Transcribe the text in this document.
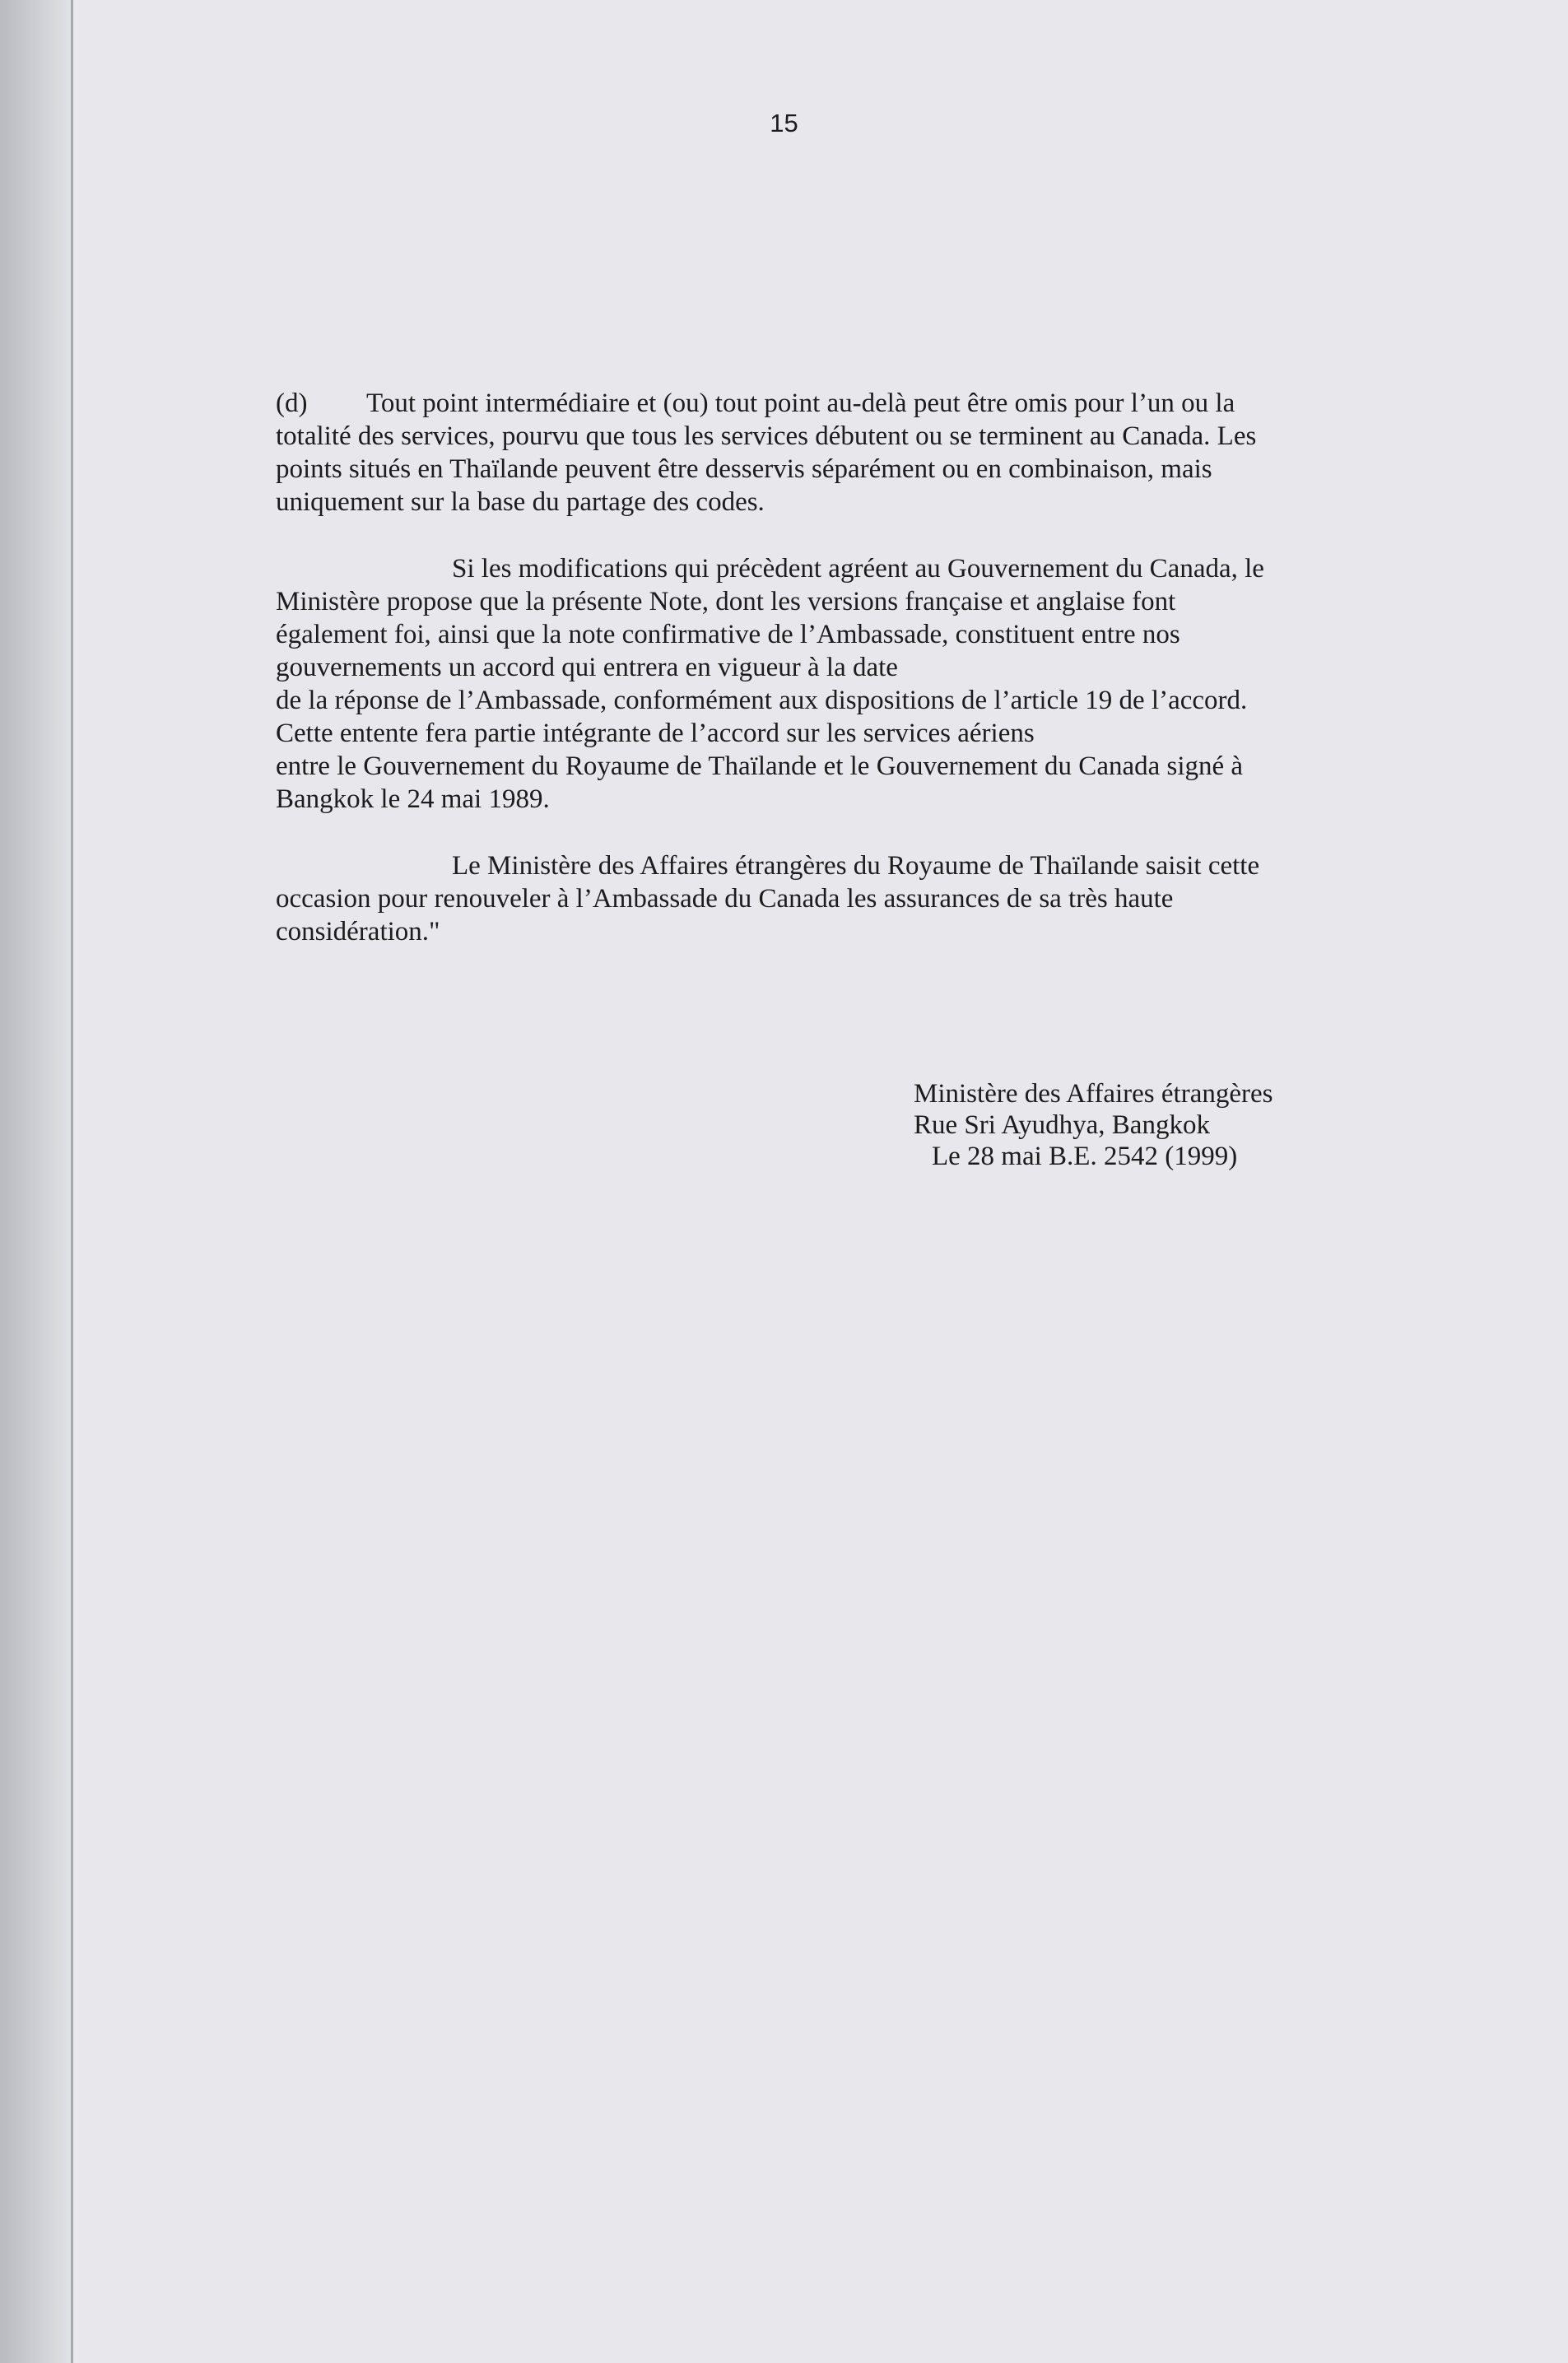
15
(d) Tout point intermédiaire et (ou) tout point au-delà peut être omis pour l’un ou la
totalité des services, pourvu que tous les services débutent ou se terminent au Canada. Les
points situés en Thaïlande peuvent être desservis séparément ou en combinaison, mais
uniquement sur la base du partage des codes.
Si les modifications qui précèdent agréent au Gouvernement du Canada, le
Ministère propose que la présente Note, dont les versions française et anglaise font
également foi, ainsi que la note confirmative de l’Ambassade, constituent entre nos
gouvernements un accord qui entrera en vigueur à la date
de la réponse de l’Ambassade, conformément aux dispositions de l’article 19 de l’accord.
Cette entente fera partie intégrante de l’accord sur les services aériens
entre le Gouvernement du Royaume de Thaïlande et le Gouvernement du Canada signé à
Bangkok le 24 mai 1989.
Le Ministère des Affaires étrangères du Royaume de Thaïlande saisit cette
occasion pour renouveler à l’Ambassade du Canada les assurances de sa très haute
considération."
Ministère des Affaires étrangères
Rue Sri Ayudhya, Bangkok
Le 28 mai B.E. 2542 (1999)
